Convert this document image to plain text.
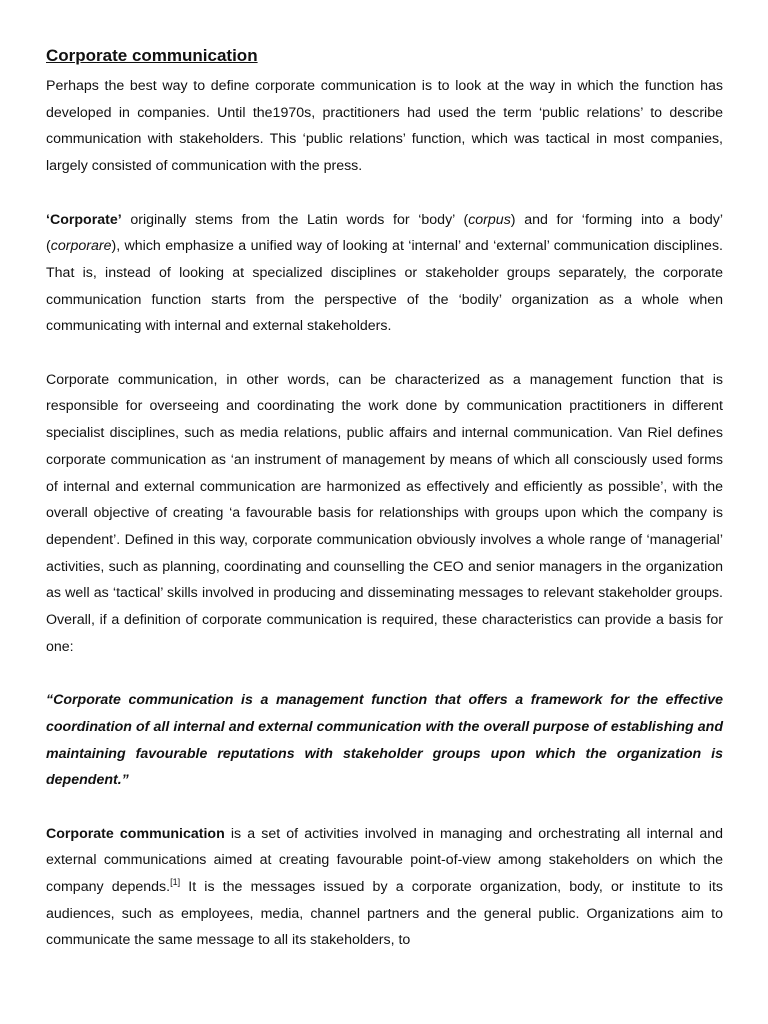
Corporate communication

Perhaps the best way to define corporate communication is to look at the way in which the function has developed in companies. Until the1970s, practitioners had used the term ‘public relations’ to describe communication with stakeholders. This ‘public relations’ function, which was tactical in most companies, largely consisted of communication with the press.

‘Corporate’ originally stems from the Latin words for ‘body’ (corpus) and for ‘forming into a body’ (corporare), which emphasize a unified way of looking at ‘internal’ and ‘external’ communication disciplines. That is, instead of looking at specialized disciplines or stakeholder groups separately, the corporate communication function starts from the perspective of the ‘bodily’ organization as a whole when communicating with internal and external stakeholders.

Corporate communication, in other words, can be characterized as a management function that is responsible for overseeing and coordinating the work done by communication practitioners in different specialist disciplines, such as media relations, public affairs and internal communication. Van Riel defines corporate communication as ‘an instrument of management by means of which all consciously used forms of internal and external communication are harmonized as effectively and efficiently as possible’, with the overall objective of creating ‘a favourable basis for relationships with groups upon which the company is dependent’. Defined in this way, corporate communication obviously involves a whole range of ‘managerial’ activities, such as planning, coordinating and counselling the CEO and senior managers in the organization as well as ‘tactical’ skills involved in producing and disseminating messages to relevant stakeholder groups. Overall, if a definition of corporate communication is required, these characteristics can provide a basis for one:

“Corporate communication is a management function that offers a framework for the effective coordination of all internal and external communication with the overall purpose of establishing and maintaining favourable reputations with stakeholder groups upon which the organization is dependent.”

Corporate communication is a set of activities involved in managing and orchestrating all internal and external communications aimed at creating favourable point-of-view among stakeholders on which the company depends.[1] It is the messages issued by a corporate organization, body, or institute to its audiences, such as employees, media, channel partners and the general public. Organizations aim to communicate the same message to all its stakeholders, to
